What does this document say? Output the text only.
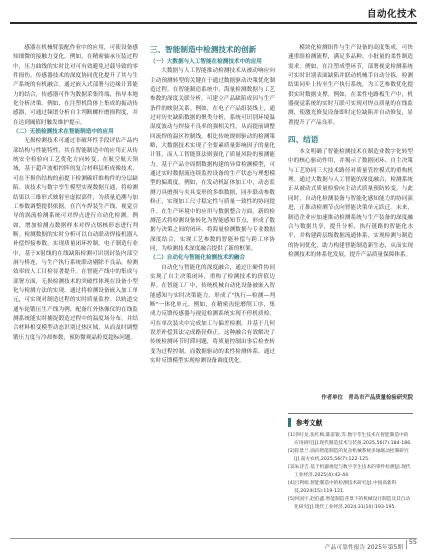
自动化技术

感器在机械臂装配作业中的应用，可使设备感知细微的接触力变化。例如，在精密轴承压装过程中，压力曲线的实时比对可有效避免过载导致的零件损伤。传感器技术的深度协同优化提升了其与生产系统的有机融合。通过嵌入式部署与边缘计算能力的结合，传感器可作为数据采集终端，指导本地化分析决策。例如，在注塑机筒体上集成的振动传感器，可通过频谱分析自主判断螺杆磨损程度，并在达到阈值时触发维护提示。

（二）无损检测技术在智能制造中的应用

无损检测技术可通过非破坏性手段评估产品内部结构与性能特性，其在智能制造中的应用正从传统安全检验向工艺优化方向转变。在航空航天领域，基于超声波相控阵的复合材料层析成像技术，可在不损伤结构的前提下检测碳纤维构件的分层缺陷。该技术与数字孪生模型实现数据互通，将检测结果以三维形式映射至虚拟部件，为质量追溯与加工参数调整提供依据。在汽车焊装生产线，视觉引导的涡流检测系统可对焊点进行自动化检测。例如，增加检测点数据样本对焊点熔核形态进行判断。检测数据的实时分析可以自动联动焊接机器人补偿焊接参数，实现质量闭环控制。电子制造行业中，基于X射线的在线缺陷检测可识别封装内部空洞与桥连，与生产执行系统联动剔除不良品，检测效率较人工目检显著提升。在智能产线中的集成与部署方面，无损检测技术的突破性体现在设备小型化与检测方法的实现。通过将检测设备嵌入加工单元，可实现对制造过程的实时质量监控。以轨道交通车轮锻压生产线为例，配备红外热像仪的在线监测系统能实时捕捉锻造过程中的温度场分布，并结合材料相变模型动态识别过热区域，从而及时调整锻压力度与冷却参数，预防微观晶粒度超标问题。

三、智能制造中检测技术的创新
（一）大数据与人工智能在检测技术中的应用

大数据与人工智能推动检测技术从被动响应向主动预测转型的关键在于通过数据驱动决策优化制造过程。在智能制造系统中，海量检测数据与工艺参数的深度关联分析，可建立产品缺陷成因与生产条件的映射关系。例如，在电子产品组装线上，通过对历史缺陷数据的聚类分析，系统可识别环境温湿度波动与焊接不良率的强相关性，从而提前调整回流焊的温区控制线。相比传统规则驱动的检测策略，大数据技术实现了全要素质量影响因子的量化计算，而人工智能算法则强化了质量风险的预测能力。基于产品全周期数据构建的异常检测模型，可通过实时数据流连续监控设备的生产状态与理想模型的偏离度。例如，在发动机缸体加工中，动态监测刀具磨损与夹具变形的多维数据，同步联动参数修正，实现加工尺寸稳定性与质量一致性的协同提升。在生产环境中的应用与数据整合方面，新的检测范式将检测设备转化为智能感知节点，形成了数据与决策之间的闭环。将海量检测数据与专业数据深度结合，实现工艺参数的智能补偿与跨工序协同，为检测技术深度融合提供了新的框架。

（二）自动化与智能化检测技术的融合

自动化与智能化的深度融合，通过让硬件协同实现了自主决策闭环，重构了检测技术的价值边界。在智能工厂中，传统机械自动化设备被嵌入智能感知与实时决策能力，形成了"执行—检测—判断"一体化单元。例如，在精密齿轮磨削工序，集成力反馈传感器与视觉检测系统实现不停机质检。可在单次装夹中完成加工与偏差检测，并基于几何误差补偿算法完成路径修正。这种融合有效解决了传统检测环节时滞问题，将质量控制由事后检查转变为过程控制。而数据驱动的柔性检测体系，通过实时反馈模型实现检测设备调度优化。

模块化检测组件与生产设备的高度集成，可快速重组检测流程，满足多品种、小批量的柔性制造需求。例如，在注塑成型环节，部署视觉检测系统可实时识别表面缺陷并联动机械手自动分拣，检测结果同步上传至生产执行系统，为工艺参数优化提供实时数据支撑。例如，在柔性电路板生产中，机器视觉系统的实时互联可实现对焊点质量的在线监测，使激光修复设备即时定位缺陷并自动修复，显著提升了产品良率。

四、结语

本文明确了智能检测技术在制造业数字化转型中的核心驱动作用，并揭示了数据闭环、自主决策与工艺协同三大技术路径对质量管控模式的重构机理。通过大数据与人工智能的深度融合，检测系统正从被动式质量检验向主动式质量预防转变。与此同时，自动化检测装备与智能化感知能力的协同演进，正推动检测节点向智能决策单元跃迁。未来，制造企业应加速推动检测系统与生产装备的深度融合与数据共享，提升分析、执行链路的智能化水平，并构建跨层级数据流通体系，实现检测与制造的协同优化，助力构建智能制造新生态，从而实现检测技术的体系化发展，提升产品质量保障体系。

作者单位　青岛市产品质量检验研究院
参考文献
[1]李旺龙,张红梅,陈雷银,等.数字孪生技术在智能制造中的应用研究[J].现代制造技术与装备,2025,56(7):184-186.
[2]崔景兰.面向智能制造的复杂机械系统多轴联动控制研究[J].南方农机,2025,56(7):122-125.
[3]朱诗吉.基于机器视觉与数字孪生技术的零件检测[J].现代工业经济,2025(4):42-44.
[4]吕利娟.智能制造中的检测技术研究[J].中国高新科技,2024(15):119-121.
[5]何国宇,赵伯鑫.智能制造背景下的机械设计制造及其自动化研究[J].现代工业经济,2024,31(10):193-195.
产品可靠性报告 2025年第5期
55
